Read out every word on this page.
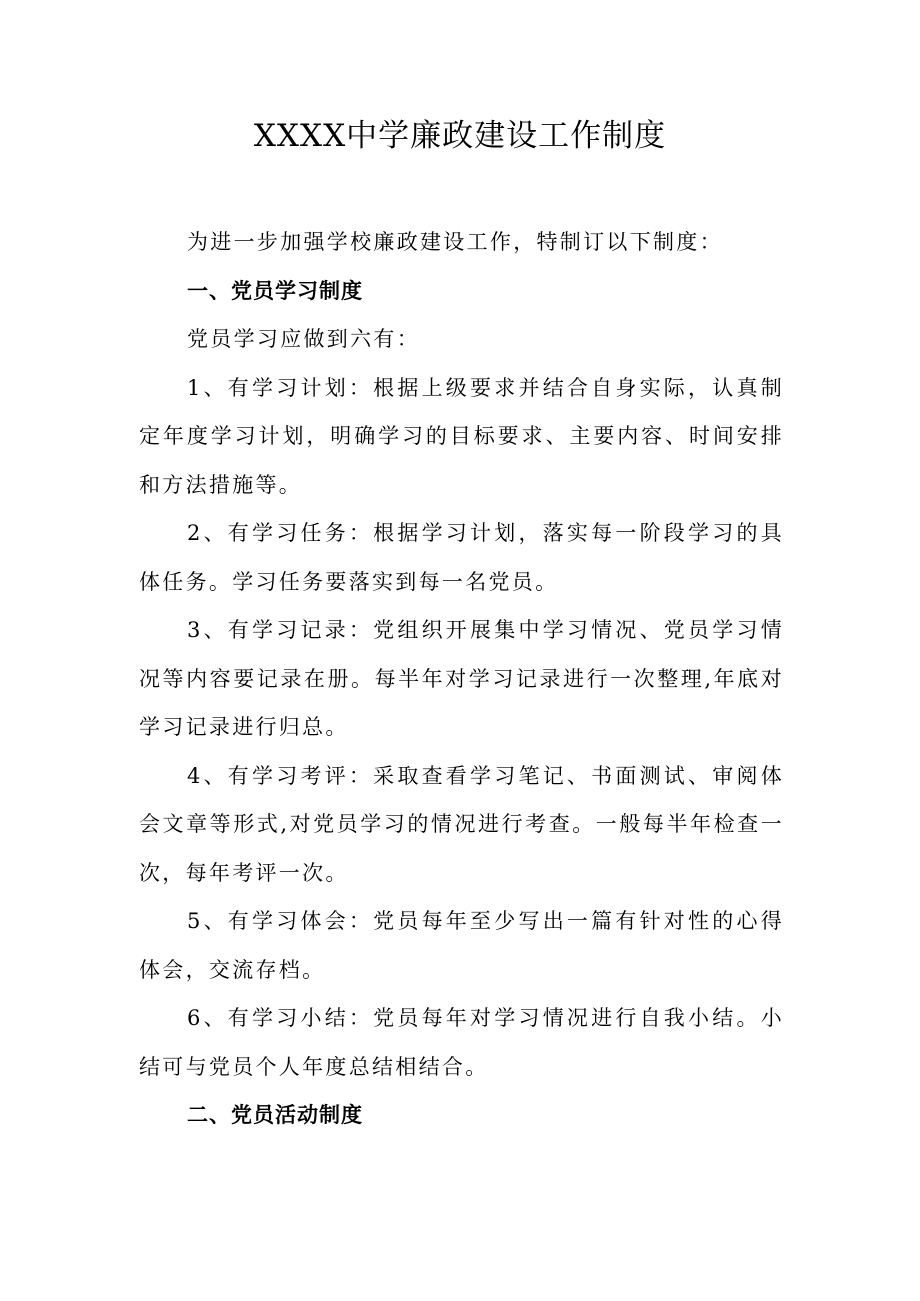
XXXX中学廉政建设工作制度

为进一步加强学校廉政建设工作，特制订以下制度：

一、党员学习制度

党员学习应做到六有：

1、有学习计划：根据上级要求并结合自身实际，认真制定年度学习计划，明确学习的目标要求、主要内容、时间安排和方法措施等。

2、有学习任务：根据学习计划，落实每一阶段学习的具体任务。学习任务要落实到每一名党员。

3、有学习记录：党组织开展集中学习情况、党员学习情况等内容要记录在册。每半年对学习记录进行一次整理,年底对学习记录进行归总。

4、有学习考评：采取查看学习笔记、书面测试、审阅体会文章等形式,对党员学习的情况进行考查。一般每半年检查一次，每年考评一次。

5、有学习体会：党员每年至少写出一篇有针对性的心得体会，交流存档。

6、有学习小结：党员每年对学习情况进行自我小结。小结可与党员个人年度总结相结合。

二、党员活动制度
